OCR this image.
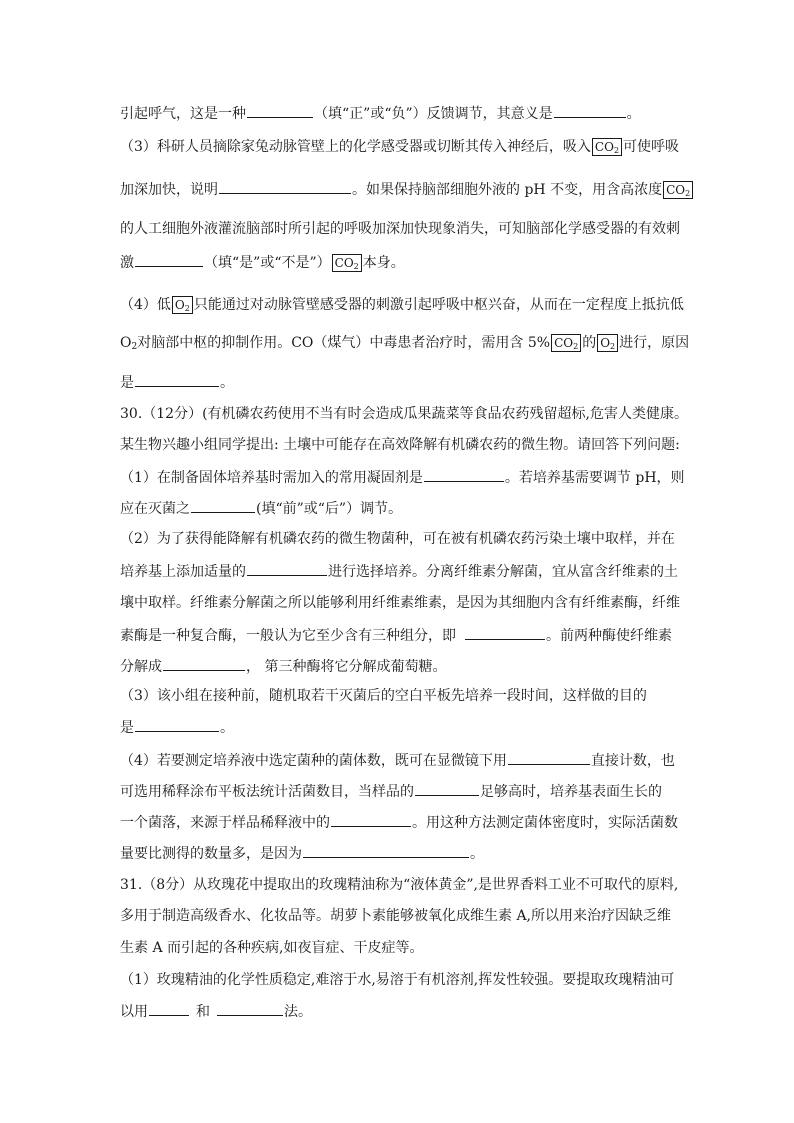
引起呼气，这是一种	（填“正”或“负”）反馈调节，其意义是	。
（3）科研人员摘除家兔动脉管壁上的化学感受器或切断其传入神经后，吸入 $CO_2$ 可使呼吸
加深加快，说明	。如果保持脑部细胞外液的 pH 不变，用含高浓度 $CO_2$
的人工细胞外液灌流脑部时所引起的呼吸加深加快现象消失，可知脑部化学感受器的有效刺
激	（填“是”或“不是”） $CO_2$ 本身。
（4）低 $O_2$ 只能通过对动脉管壁感受器的刺激引起呼吸中枢兴奋，从而在一定程度上抵抗低
$O_2$对脑部中枢的抑制作用。CO（煤气）中毒患者治疗时，需用含 5% $CO_2$ 的 $O_2$ 进行，原因
是	。
30.（12分）(有机磷农药使用不当有时会造成瓜果蔬菜等食品农药残留超标,危害人类健康。
某生物兴趣小组同学提出: 土壤中可能存在高效降解有机磷农药的微生物。请回答下列问题:
（1）在制备固体培养基时需加入的常用凝固剂是	。若培养基需要调节 pH，则
应在灭菌之	(填“前”或“后”）调节。
（2）为了获得能降解有机磷农药的微生物菌种，可在被有机磷农药污染土壤中取样，并在
培养基上添加适量的	进行选择培养。分离纤维素分解菌，宜从富含纤维素的土
壤中取样。纤维素分解菌之所以能够利用纤维素维素，是因为其细胞内含有纤维素酶，纤维
素酶是一种复合酶，一般认为它至少含有三种组分，即	。前两种酶使纤维素
分解成	， 第三种酶将它分解成葡萄糖。
（3）该小组在接种前，随机取若干灭菌后的空白平板先培养一段时间，这样做的目的
是	。
（4）若要测定培养液中选定菌种的菌体数，既可在显微镜下用	直接计数，也
可选用稀释涂布平板法统计活菌数目，当样品的	足够高时，培养基表面生长的
一个菌落，来源于样品稀释液中的	。用这种方法测定菌体密度时，实际活菌数
量要比测得的数量多，是因为	。
31.（8分）从玫瑰花中提取出的玫瑰精油称为“液体黄金”,是世界香料工业不可取代的原料,
多用于制造高级香水、化妆品等。胡萝卜素能够被氧化成维生素 A,所以用来治疗因缺乏维
生素 A 而引起的各种疾病,如夜盲症、干皮症等。
（1）玫瑰精油的化学性质稳定,难溶于水,易溶于有机溶剂,挥发性较强。要提取玫瑰精油可
以用	和	法。
